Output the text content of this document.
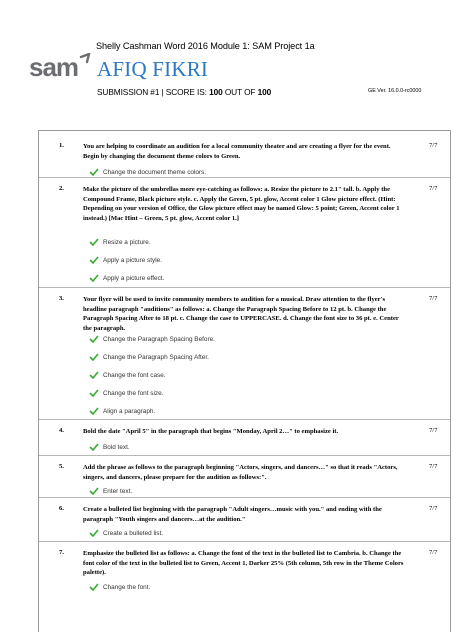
Shelly Cashman Word 2016 Module 1: SAM Project 1a
sam AFIQ FIKRI
SUBMISSION #1 | SCORE IS: 100 OUT OF 100	GE Ver. 16.0.0-rc0000
1.	You are helping to coordinate an audition for a local community theater and are creating a flyer for the event. Begin by changing the document theme colors to Green.
7/7
Change the document theme colors.
2.	Make the picture of the umbrellas more eye-catching as follows: a. Resize the picture to 2.1" tall. b. Apply the Compound Frame, Black picture style. c. Apply the Green, 5 pt. glow, Accent color 1 Glow picture effect. (Hint: Depending on your version of Office, the Glow picture effect may be named Glow: 5 point; Green, Accent color 1 instead.) [Mac Hint – Green, 5 pt. glow, Accent color 1.]
7/7
Resize a picture.
Apply a picture style.
Apply a picture effect.
3.	Your flyer will be used to invite community members to audition for a musical. Draw attention to the flyer's headline paragraph "auditions" as follows: a. Change the Paragraph Spacing Before to 12 pt. b. Change the Paragraph Spacing After to 18 pt. c. Change the case to UPPERCASE. d. Change the font size to 36 pt. e. Center the paragraph.
7/7
Change the Paragraph Spacing Before.
Change the Paragraph Spacing After.
Change the font case.
Change the font size.
Align a paragraph.
4.	Bold the date "April 5" in the paragraph that begins "Monday, April 2…" to emphasize it.	7/7
Bold text.
5.	Add the phrase as follows to the paragraph beginning "Actors, singers, and dancers…" so that it reads "Actors, singers, and dancers, please prepare for the audition as follows:".
7/7
Enter text.
6.	Create a bulleted list beginning with the paragraph "Adult singers…music with you." and ending with the paragraph "Youth singers and dancers…at the audition."
7/7
Create a bulleted list.
7.	Emphasize the bulleted list as follows: a. Change the font of the text in the bulleted list to Cambria. b. Change the font color of the text in the bulleted list to Green, Accent 1, Darker 25% (5th column, 5th row in the Theme Colors palette).
7/7
Change the font.
